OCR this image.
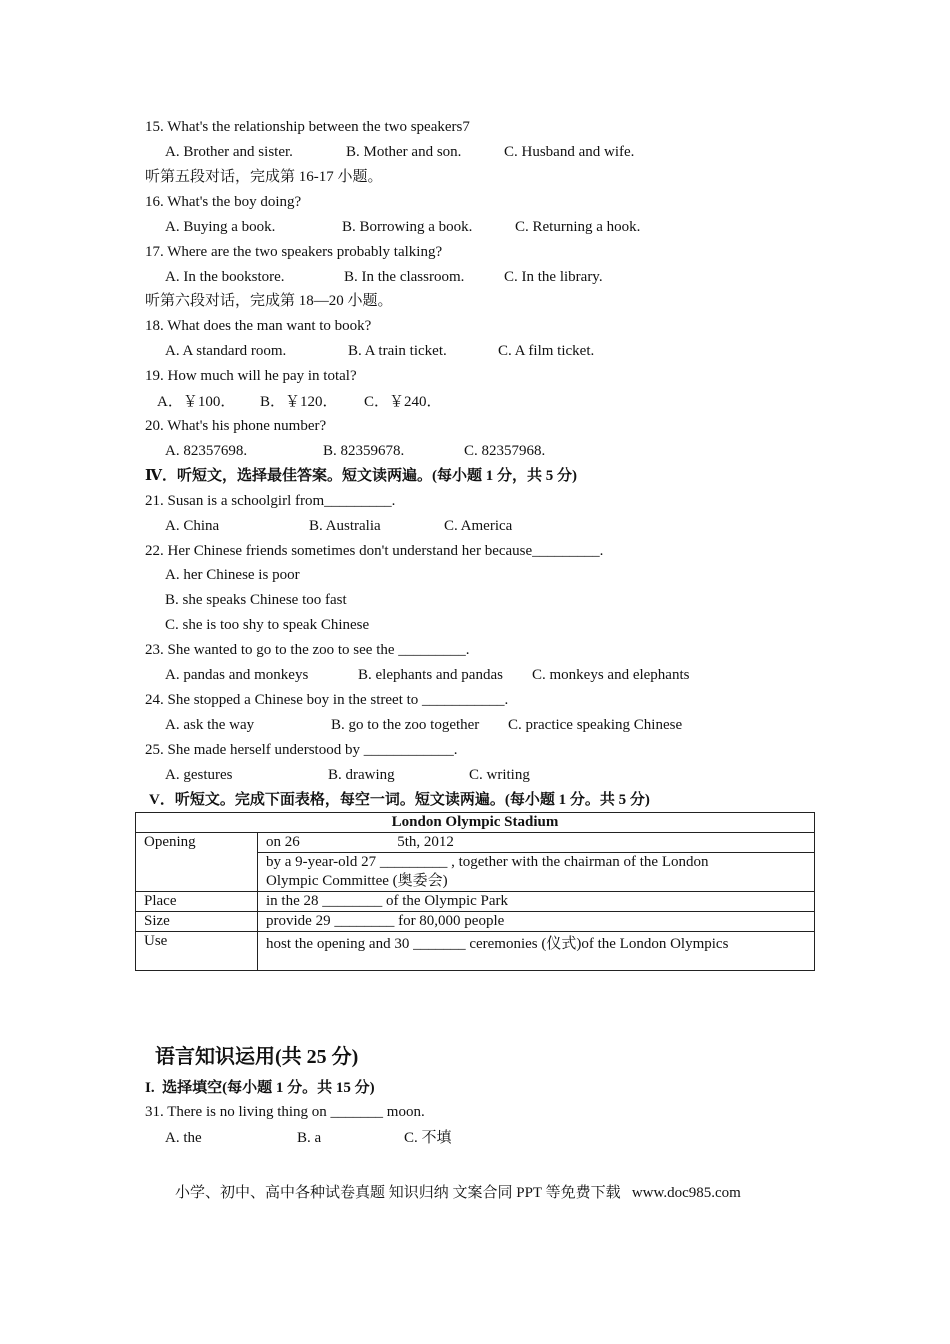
15. What's the relationship between the two speakers7
A. Brother and sister.	B. Mother and son.	C. Husband and wife.
听第五段对话，完成第 16-17 小题。
16. What's the boy doing?
A. Buying a book.	B. Borrowing a book.	C. Returning a hook.
17. Where are the two speakers probably talking?
A. In the bookstore.	B. In the classroom.	C. In the library.
听第六段对话，完成第 18—20 小题。
18. What does the man want to book?
A. A standard room.	B. A train ticket.	C. A film ticket.
19. How much will he pay in total?
A．￥100． B．￥120． C．￥240．
20. What's his phone number?
A. 82357698.	B. 82359678.	C. 82357968.
Ⅳ．听短文，选择最佳答案。短文读两遍。(每小题 1 分，共 5 分)
21. Susan is a schoolgirl from_________.
A. China	B. Australia	C. America
22. Her Chinese friends sometimes don't understand her because_________.
A. her Chinese is poor
B. she speaks Chinese too fast
C. she is too shy to speak Chinese
23. She wanted to go to the zoo to see the _________.
A. pandas and monkeys	B. elephants and pandas C. monkeys and elephants
24. She stopped a Chinese boy in the street to ___________.
A. ask the way	B. go to the zoo together C. practice speaking Chinese
25. She made herself understood by ____________.
A. gestures	B. drawing	C. writing
V．听短文。完成下面表格，每空一词。短文读两遍。(每小题 1 分。共 5 分)
London Olympic Stadium	
Opening	on 26                          5th, 2012
	by a 9-year-old 27 _________ , together with the chairman of the London
Olympic Committee (奥委会)
Place	in the 28 ________ of the Olympic Park
Size	provide 29 ________ for 80,000 people
Use	host the opening and 30 _______ ceremonies (仪式)of the London Olympics
语言知识运用(共 25 分)
I.  选择填空(每小题 1 分。共 15 分)
31. There is no living thing on _______ moon.
A. the	B. a	C. 不填
小学、初中、高中各种试卷真题 知识归纳 文案合同 PPT 等免费下载   www.doc985.com
